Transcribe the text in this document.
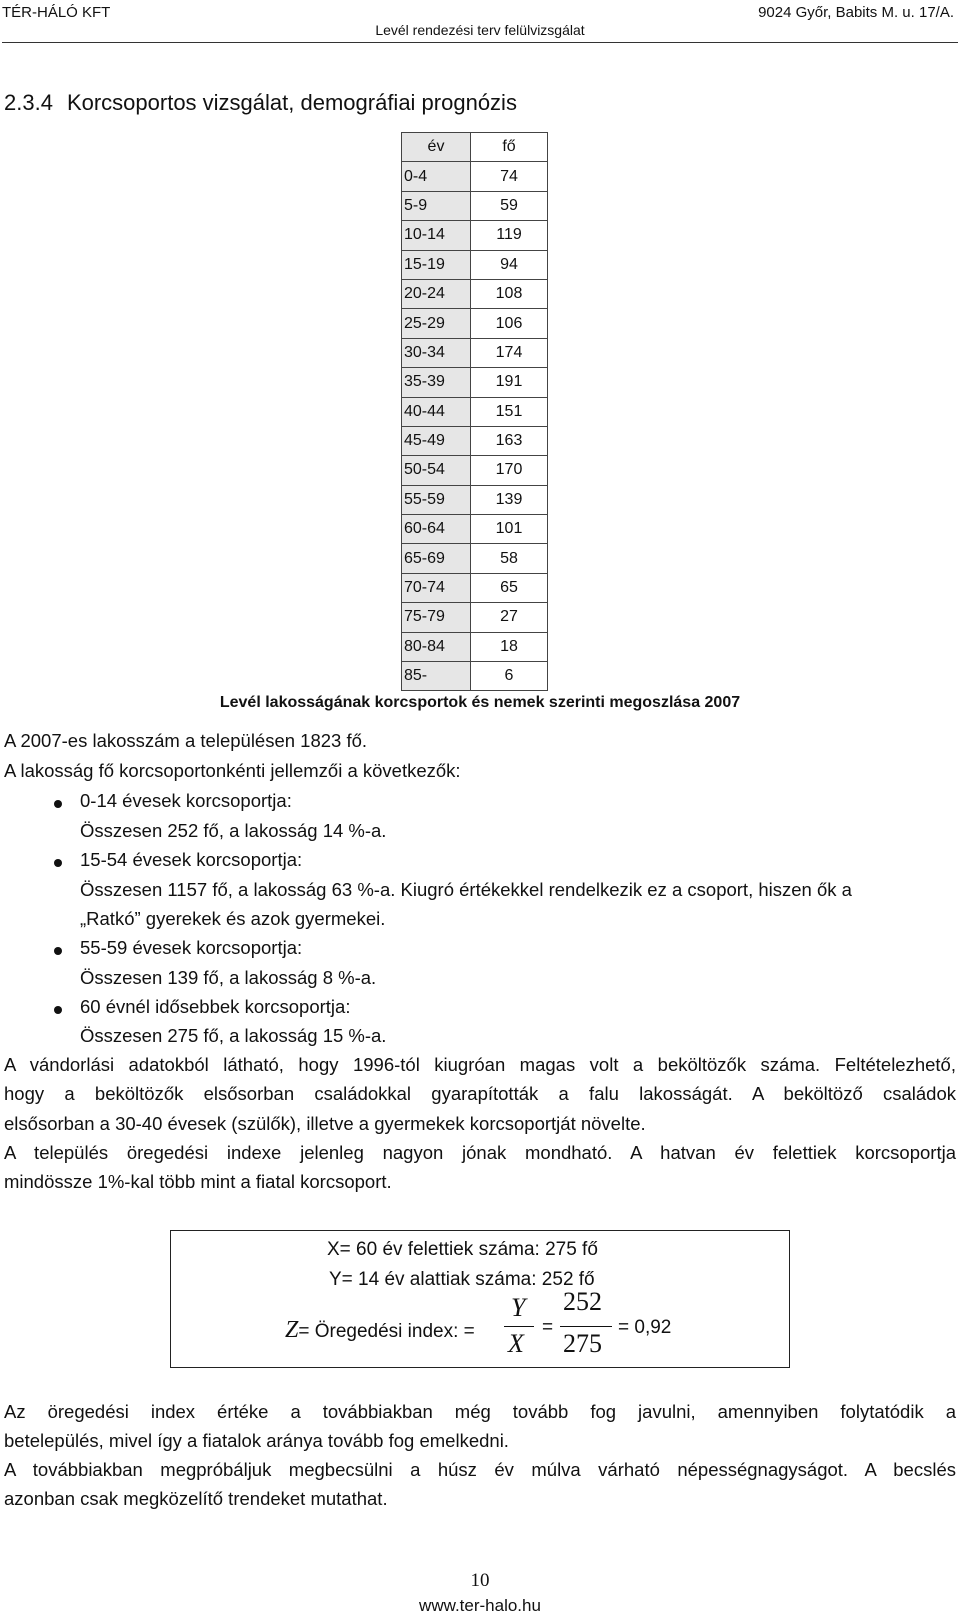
TÉR-HÁLÓ KFT
Levél rendezési terv felülvizsgálat
9024 Győr, Babits M. u. 17/A.
2.3.4 Korcsoportos vizsgálat, demográfiai prognózis
év	fő
0-4	74
5-9	59
10-14	119
15-19	94
20-24	108
25-29	106
30-34	174
35-39	191
40-44	151
45-49	163
50-54	170
55-59	139
60-64	101
65-69	58
70-74	65
75-79	27
80-84	18
85-	6
Levél lakosságának korcsportok és nemek szerinti megoszlása 2007
A 2007-es lakosszám a településen 1823 fő.
A lakosság fő korcsoportonkénti jellemzői a következők:
0-14 évesek korcsoportja:
Összesen 252 fő, a lakosság 14 %-a.
15-54 évesek korcsoportja:
Összesen 1157 fő, a lakosság 63 %-a. Kiugró értékekkel rendelkezik ez a csoport, hiszen ők a
„Ratkó” gyerekek és azok gyermekei.
55-59 évesek korcsoportja:
Összesen 139 fő, a lakosság 8 %-a.
60 évnél idősebbek korcsoportja:
Összesen 275 fő, a lakosság 15 %-a.
A vándorlási adatokból látható, hogy 1996-tól kiugróan magas volt a beköltözők száma. Feltételezhető,
hogy a beköltözők elsősorban családokkal gyarapították a falu lakosságát. A beköltöző családok
elsősorban a 30-40 évesek (szülők), illetve a gyermekek korcsoportját növelte.
A település öregedési indexe jelenleg nagyon jónak mondható. A hatvan év felettiek korcsoportja
mindössze 1%-kal több mint a fiatal korcsoport.
X= 60 év felettiek száma: 275 fő
Y= 14 év alattiak száma: 252 fő
Z= Öregedési index: =
Y
X
=
252
275
= 0,92
Az öregedési index értéke a továbbiakban még tovább fog javulni, amennyiben folytatódik a
betelepülés, mivel így a fiatalok aránya tovább fog emelkedni.
A továbbiakban megpróbáljuk megbecsülni a húsz év múlva várható népességnagyságot. A becslés
azonban csak megközelítő trendeket mutathat.
10
www.ter-halo.hu
